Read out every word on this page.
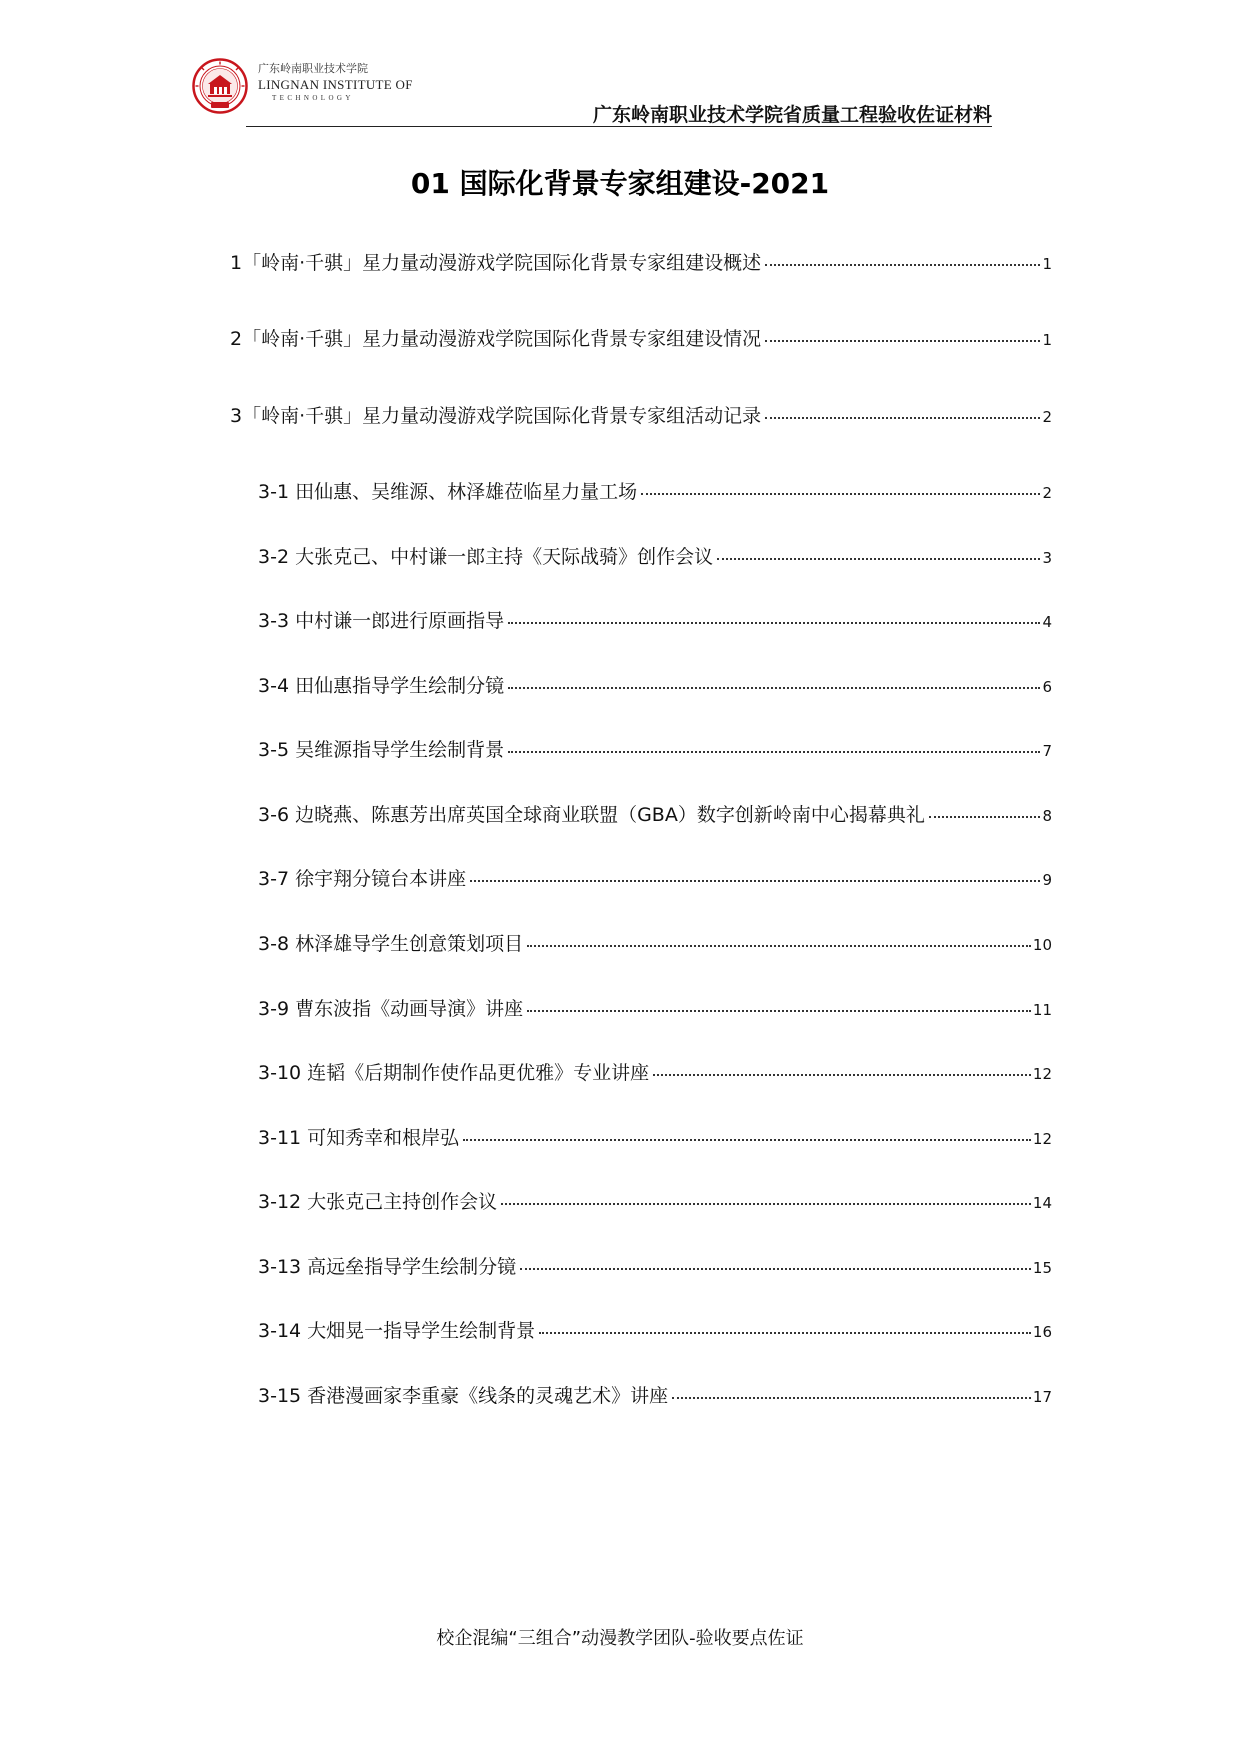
广东岭南职业技术学院
LINGNAN INSTITUTE OF
TECHNOLOGY
广东岭南职业技术学院省质量工程验收佐证材料
01 国际化背景专家组建设-2021
1「岭南·千骐」星力量动漫游戏学院国际化背景专家组建设概述	1
2「岭南·千骐」星力量动漫游戏学院国际化背景专家组建设情况	1
3「岭南·千骐」星力量动漫游戏学院国际化背景专家组活动记录	2
3-1 田仙惠、吴维源、林泽雄莅临星力量工场	2
3-2 大张克己、中村谦一郎主持《天际战骑》创作会议	3
3-3 中村谦一郎进行原画指导	4
3-4 田仙惠指导学生绘制分镜	6
3-5 吴维源指导学生绘制背景	7
3-6 边晓燕、陈惠芳出席英国全球商业联盟（GBA）数字创新岭南中心揭幕典礼	8
3-7 徐宇翔分镜台本讲座	9
3-8 林泽雄导学生创意策划项目	10
3-9 曹东波指《动画导演》讲座	11
3-10 连韬《后期制作使作品更优雅》专业讲座	12
3-11 可知秀幸和根岸弘	12
3-12 大张克己主持创作会议	14
3-13 高远垒指导学生绘制分镜	15
3-14 大畑晃一指导学生绘制背景	16
3-15 香港漫画家李重豪《线条的灵魂艺术》讲座	17
校企混编“三组合”动漫教学团队-验收要点佐证
